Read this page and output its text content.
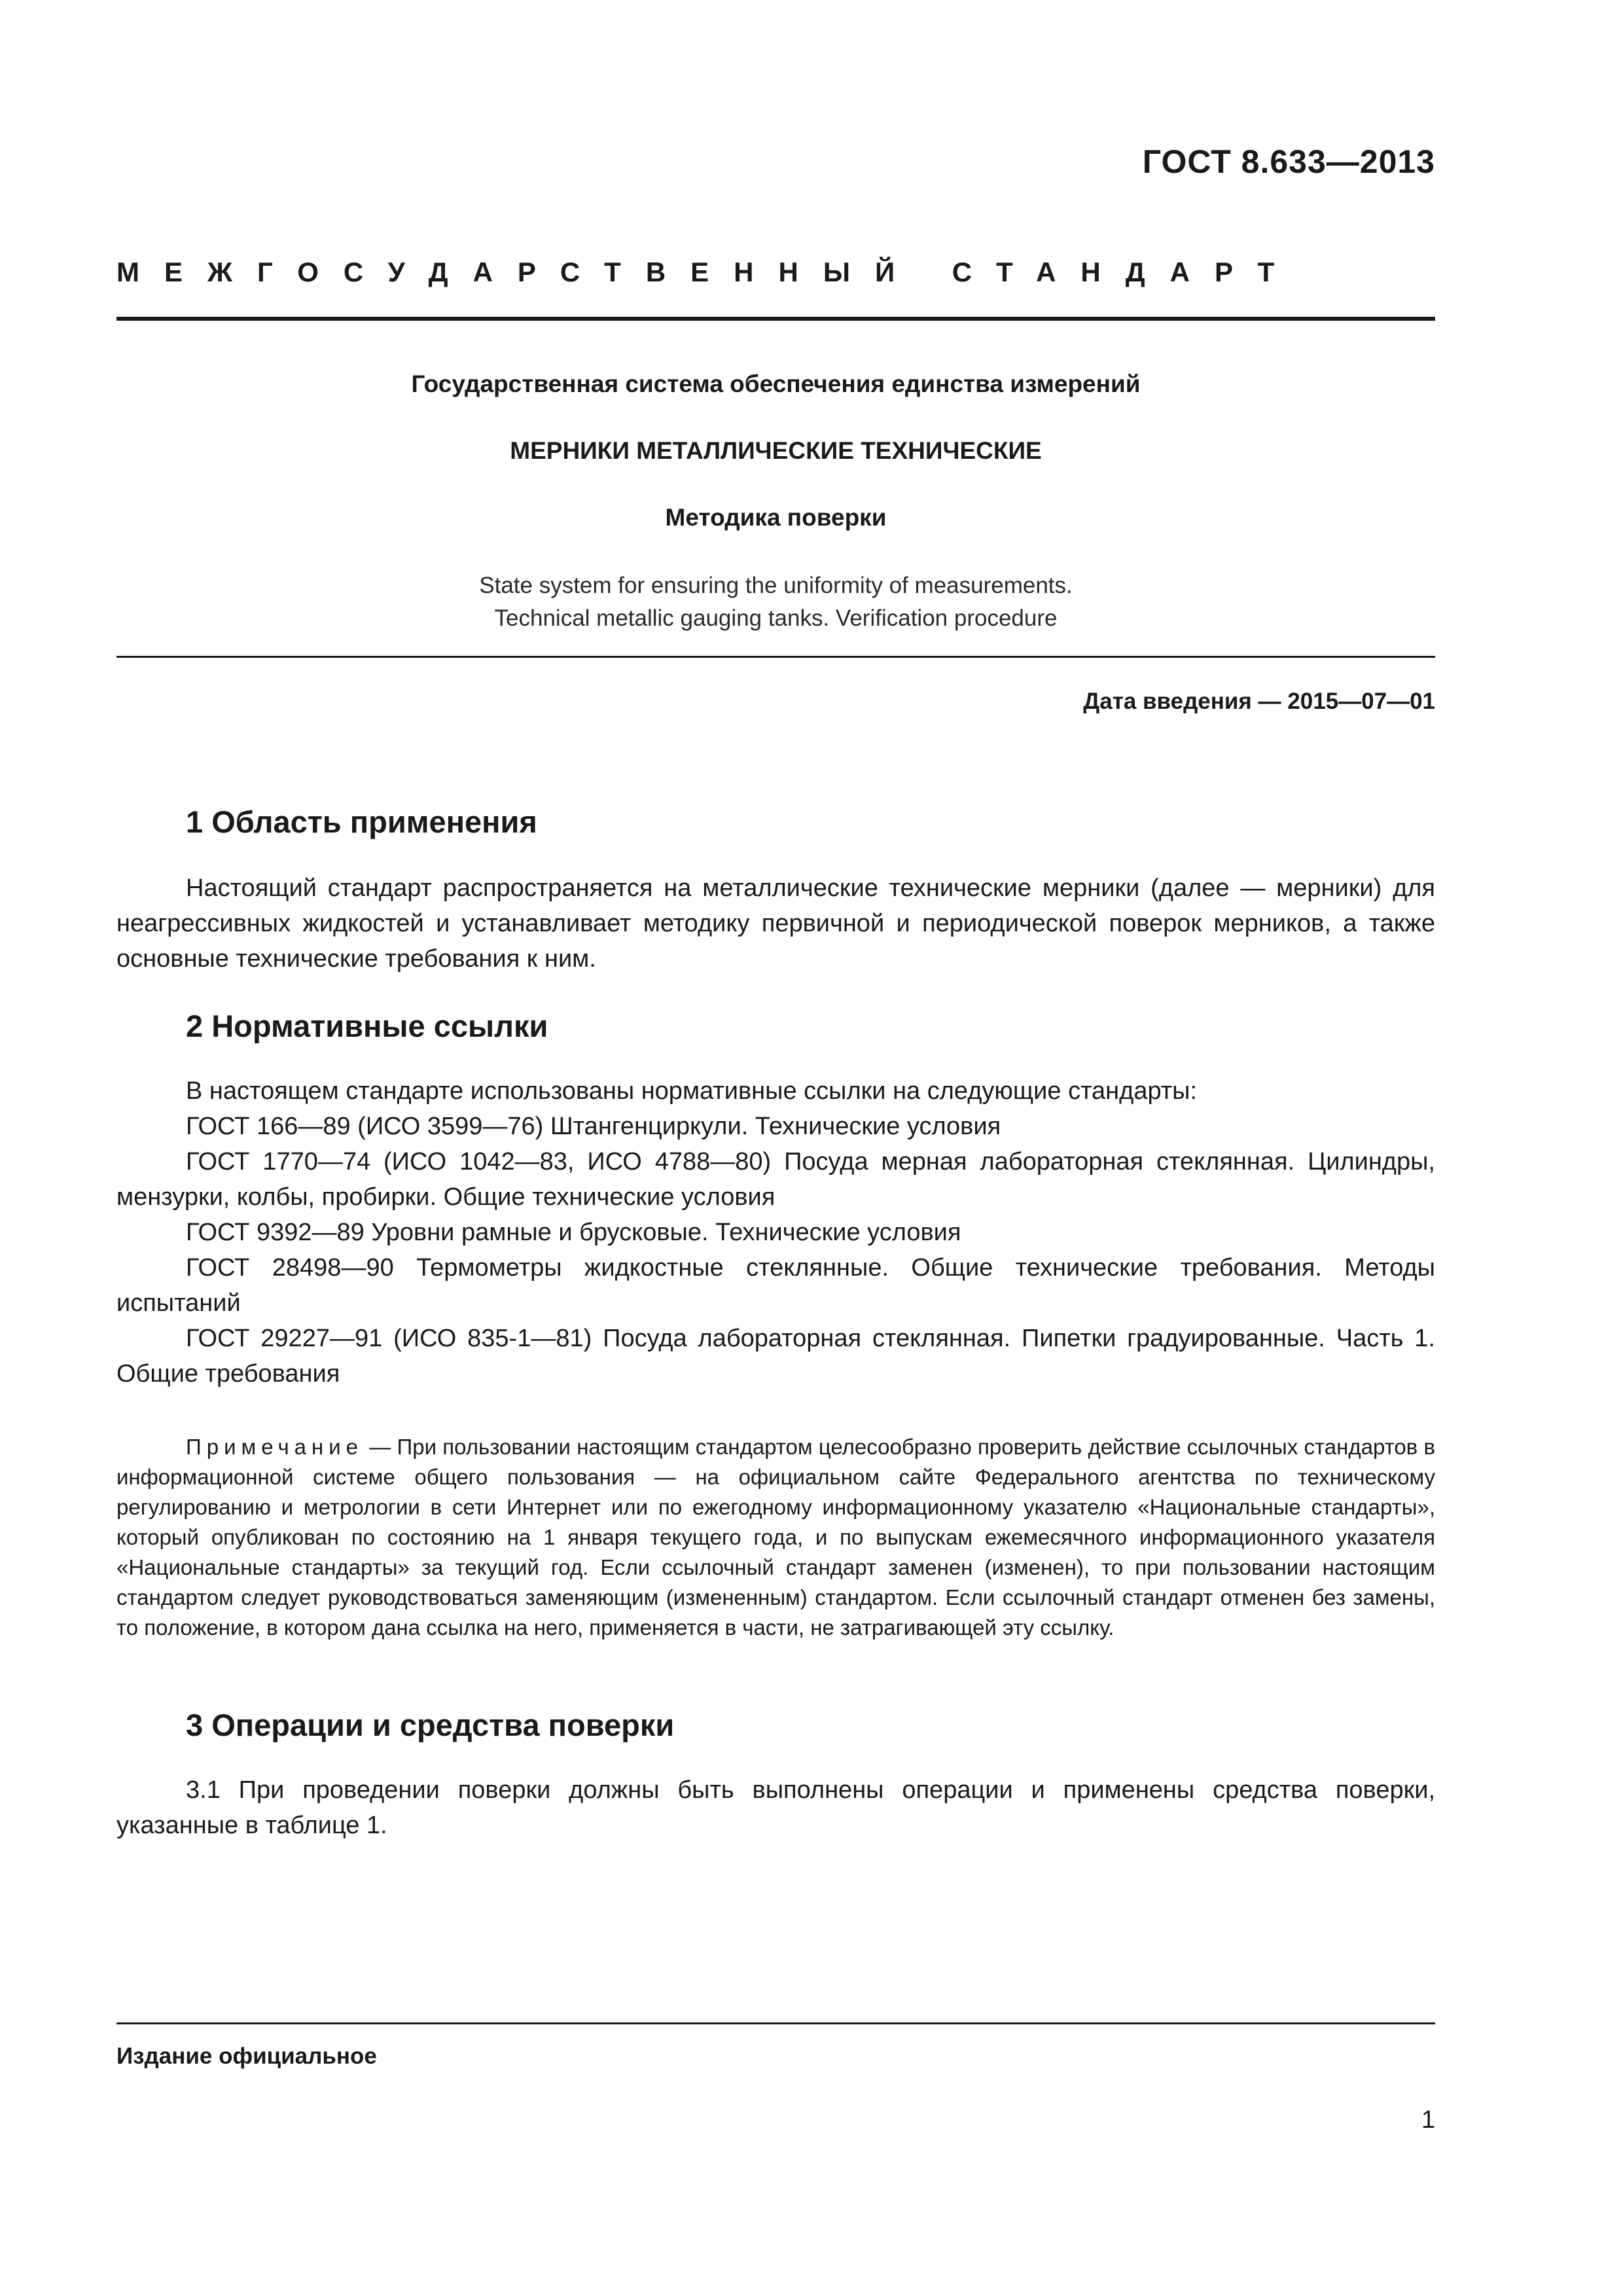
ГОСТ 8.633—2013
МЕЖГОСУДАРСТВЕННЫЙ СТАНДАРТ
Государственная система обеспечения единства измерений
МЕРНИКИ МЕТАЛЛИЧЕСКИЕ ТЕХНИЧЕСКИЕ
Методика поверки
State system for ensuring the uniformity of measurements.
Technical metallic gauging tanks. Verification procedure
Дата введения — 2015—07—01
1 Область применения
Настоящий стандарт распространяется на металлические технические мерники (далее — мерники) для неагрессивных жидкостей и устанавливает методику первичной и периодической поверок мерников, а также основные технические требования к ним.
2 Нормативные ссылки
В настоящем стандарте использованы нормативные ссылки на следующие стандарты:
ГОСТ 166—89 (ИСО 3599—76) Штангенциркули. Технические условия
ГОСТ 1770—74 (ИСО 1042—83, ИСО 4788—80) Посуда мерная лабораторная стеклянная. Цилиндры, мензурки, колбы, пробирки. Общие технические условия
ГОСТ 9392—89 Уровни рамные и брусковые. Технические условия
ГОСТ 28498—90 Термометры жидкостные стеклянные. Общие технические требования. Методы испытаний
ГОСТ 29227—91 (ИСО 835-1—81) Посуда лабораторная стеклянная. Пипетки градуированные. Часть 1. Общие требования
Примечание — При пользовании настоящим стандартом целесообразно проверить действие ссылочных стандартов в информационной системе общего пользования — на официальном сайте Федерального агентства по техническому регулированию и метрологии в сети Интернет или по ежегодному информационному указателю «Национальные стандарты», который опубликован по состоянию на 1 января текущего года, и по выпускам ежемесячного информационного указателя «Национальные стандарты» за текущий год. Если ссылочный стандарт заменен (изменен), то при пользовании настоящим стандартом следует руководствоваться заменяющим (измененным) стандартом. Если ссылочный стандарт отменен без замены, то положение, в котором дана ссылка на него, применяется в части, не затрагивающей эту ссылку.
3 Операции и средства поверки
3.1 При проведении поверки должны быть выполнены операции и применены средства поверки, указанные в таблице 1.
Издание официальное
1
